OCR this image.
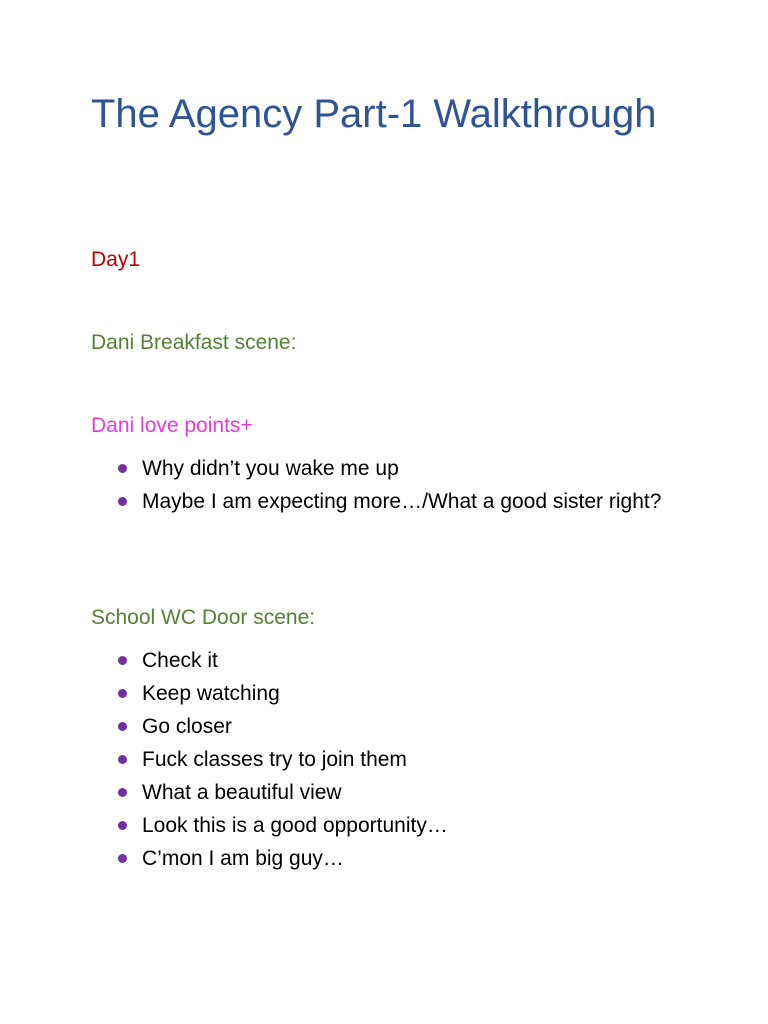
The Agency Part-1 Walkthrough

Day1

Dani Breakfast scene:

Dani love points+

Why didn’t you wake me up
Maybe I am expecting more…/What a good sister right?

School WC Door scene:

Check it
Keep watching
Go closer
Fuck classes try to join them
What a beautiful view
Look this is a good opportunity…
C’mon I am big guy…
